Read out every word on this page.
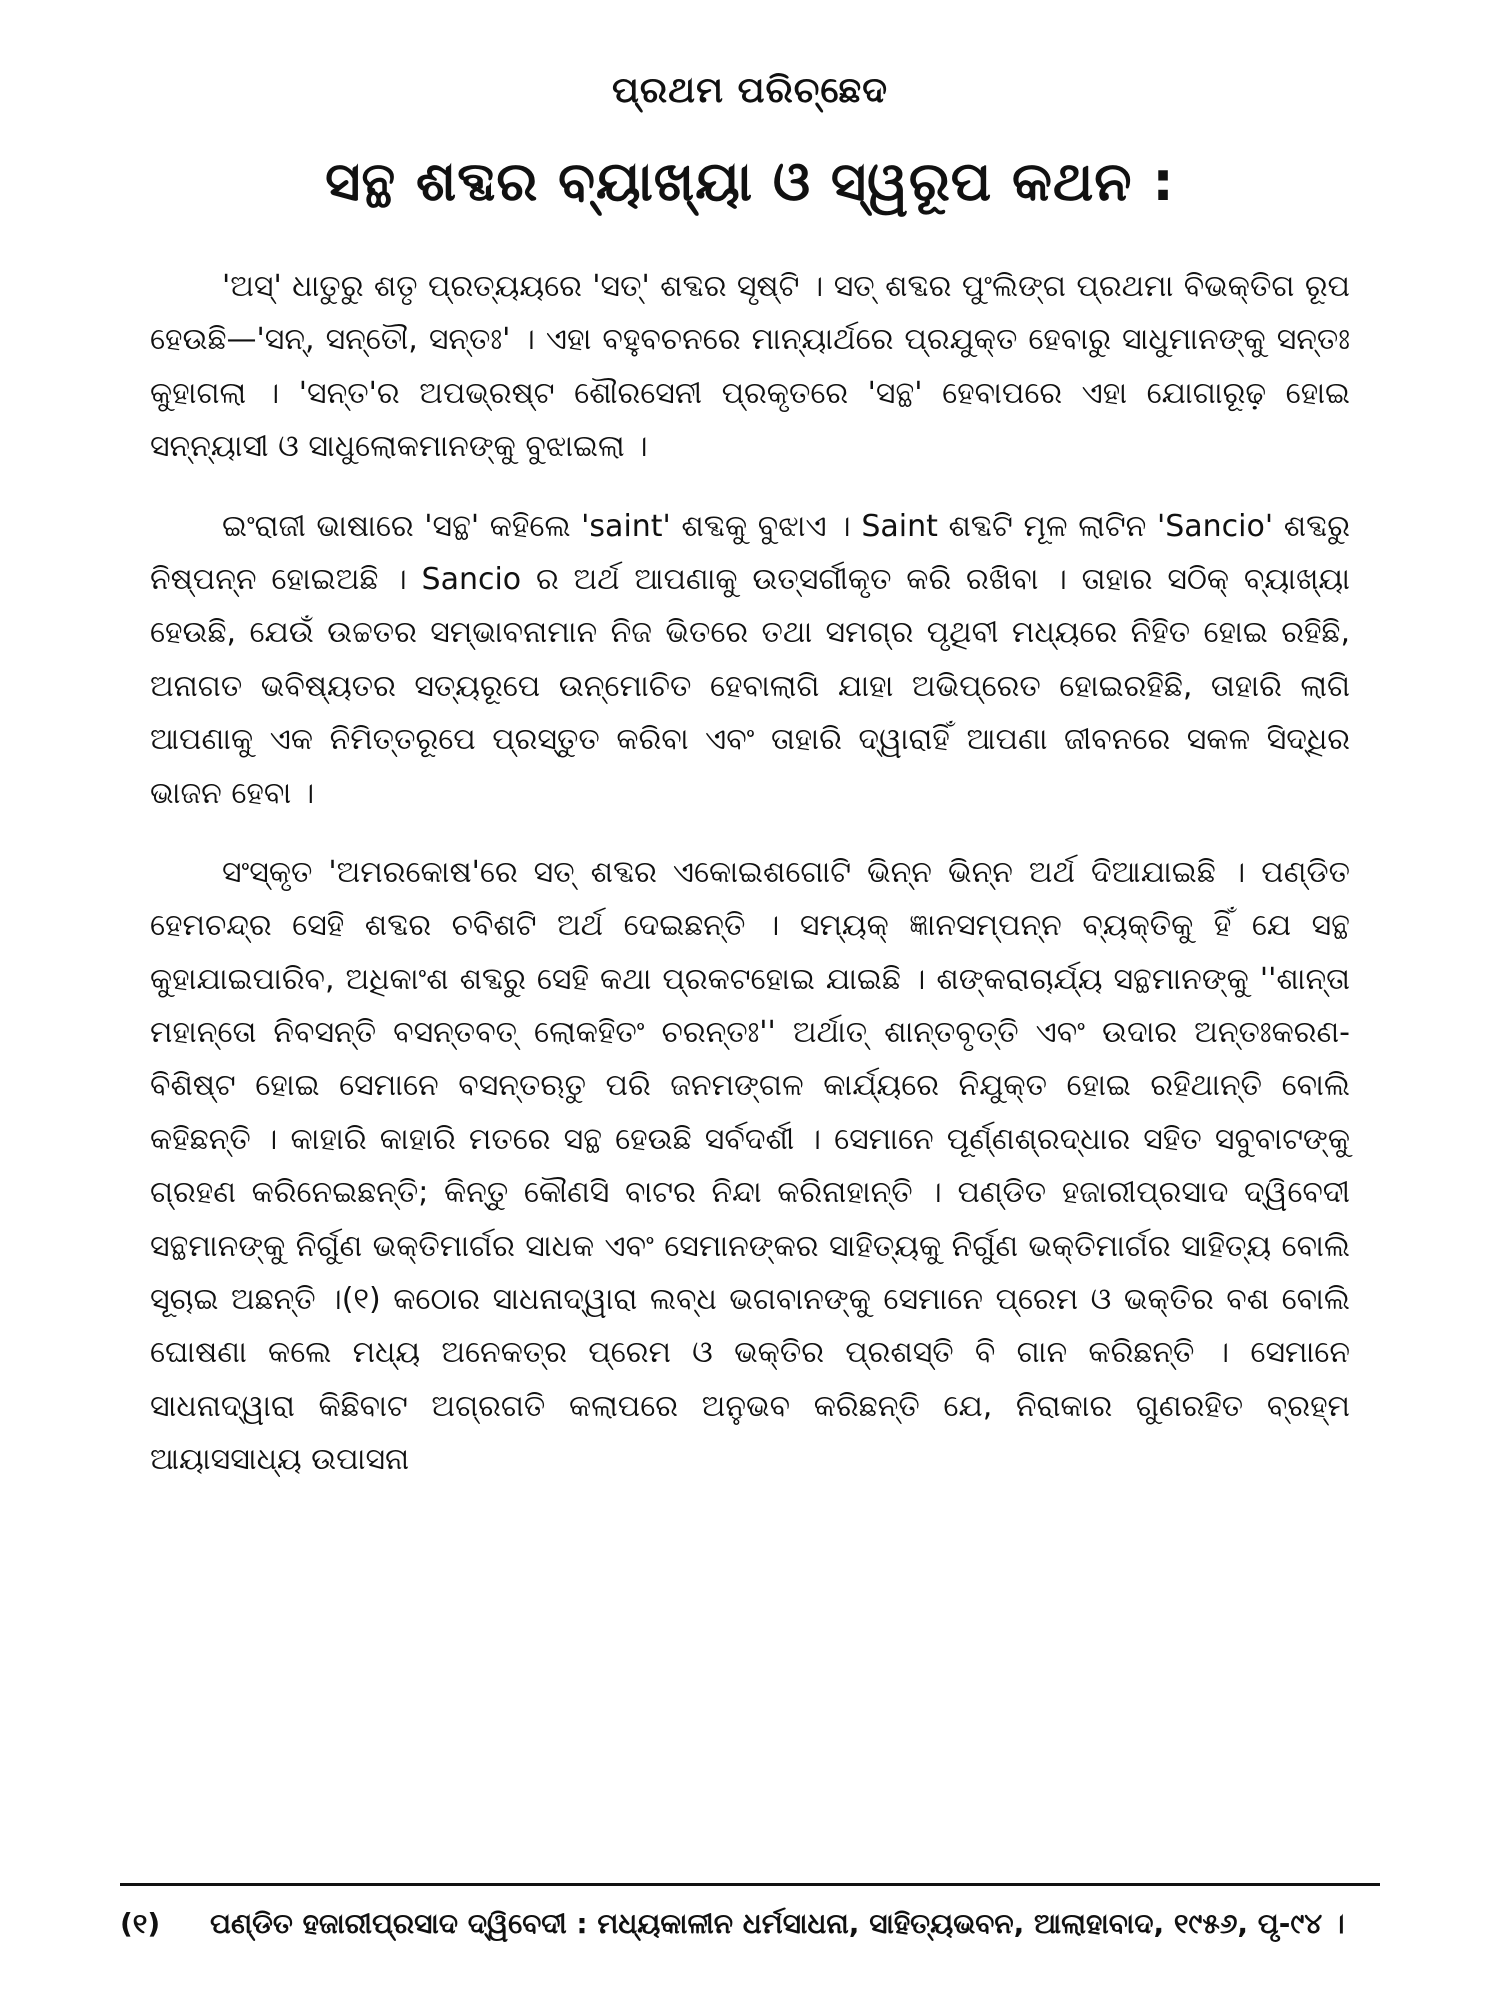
ପ୍ରଥମ ପରିଚ୍ଛେଦ
ସନ୍ଥ ଶବ୍ଦର ବ୍ୟାଖ୍ୟା ଓ ସ୍ୱରୂପ କଥନ :

'ଅସ୍' ଧାତୁରୁ ଶତୃ ପ୍ରତ୍ୟୟରେ 'ସତ୍' ଶବ୍ଦର ସୃଷ୍ଟି । ସତ୍ ଶବ୍ଦର ପୁଂଲିଙ୍ଗ ପ୍ରଥମା ବିଭକ୍ତିଗ ରୂପ ହେଉଛି—'ସନ୍, ସନ୍ତୌ, ସନ୍ତଃ' । ଏହା ବହୁବଚନରେ ମାନ୍ୟାର୍ଥରେ ପ୍ରଯୁକ୍ତ ହେବାରୁ ସାଧୁମାନଙ୍କୁ ସନ୍ତଃ କୁହାଗଲା । 'ସନ୍ତ'ର ଅପଭ୍ରଷ୍ଟ ଶୌରସେନୀ ପ୍ରକୃତରେ 'ସନ୍ଥ' ହେବାପରେ ଏହା ଯୋଗାରୂଢ଼ ହୋଇ ସନ୍ନ୍ୟାସୀ ଓ ସାଧୁଲୋକମାନଙ୍କୁ ବୁଝାଇଲା ।

ଇଂରାଜୀ ଭାଷାରେ 'ସନ୍ଥ' କହିଲେ 'saint' ଶବ୍ଦକୁ ବୁଝାଏ । Saint ଶବ୍ଦଟି ମୂଳ ଲାଟିନ 'Sancio' ଶବ୍ଦରୁ ନିଷ୍ପନ୍ନ ହୋଇଅଛି । Sancio ର ଅର୍ଥ ଆପଣାକୁ ଉତ୍ସର୍ଗୀକୃତ କରି ରଖିବା । ତାହାର ସଠିକ୍ ବ୍ୟାଖ୍ୟା ହେଉଛି, ଯେଉଁ ଉଚ୍ଚତର ସମ୍ଭାବନାମାନ ନିଜ ଭିତରେ ତଥା ସମଗ୍ର ପୃଥିବୀ ମଧ୍ୟରେ ନିହିତ ହୋଇ ରହିଛି, ଅନାଗତ ଭବିଷ୍ୟତର ସତ୍ୟରୂପେ ଉନ୍ମୋଚିତ ହେବାଲାଗି ଯାହା ଅଭିପ୍ରେତ ହୋଇରହିଛି, ତାହାରି ଲାଗି ଆପଣାକୁ ଏକ ନିମିତ୍ତରୂପେ ପ୍ରସ୍ତୁତ କରିବା ଏବଂ ତାହାରି ଦ୍ୱାରାହିଁ ଆପଣା ଜୀବନରେ ସକଳ ସିଦ୍ଧିର ଭାଜନ ହେବା ।

ସଂସ୍କୃତ 'ଅମରକୋଷ'ରେ ସତ୍ ଶବ୍ଦର ଏକୋଇଶଗୋଟି ଭିନ୍ନ ଭିନ୍ନ ଅର୍ଥ ଦିଆଯାଇଛି । ପଣ୍ଡିତ ହେମଚନ୍ଦ୍ର ସେହି ଶବ୍ଦର ଚବିଶଟି ଅର୍ଥ ଦେଇଛନ୍ତି । ସମ୍ୟକ୍ ଜ୍ଞାନସମ୍ପନ୍ନ ବ୍ୟକ୍ତିକୁ ହିଁ ଯେ ସନ୍ଥ କୁହାଯାଇପାରିବ, ଅଧିକାଂଶ ଶବ୍ଦରୁ ସେହି କଥା ପ୍ରକଟହୋଇ ଯାଇଛି । ଶଙ୍କରାଚାର୍ଯ୍ୟ ସନ୍ଥମାନଙ୍କୁ ''ଶାନ୍ତା ମହାନ୍ତୋ ନିବସନ୍ତି ବସନ୍ତବତ୍ ଲୋକହିତଂ ଚରନ୍ତଃ'' ଅର୍ଥାତ୍ ଶାନ୍ତବୃତ୍ତି ଏବଂ ଉଦାର ଅନ୍ତଃକରଣ-ବିଶିଷ୍ଟ ହୋଇ ସେମାନେ ବସନ୍ତଋତୁ ପରି ଜନମଙ୍ଗଳ କାର୍ଯ୍ୟରେ ନିଯୁକ୍ତ ହୋଇ ରହିଥାନ୍ତି ବୋଲି କହିଛନ୍ତି । କାହାରି କାହାରି ମତରେ ସନ୍ଥ ହେଉଛି ସର୍ବଦର୍ଶୀ । ସେମାନେ ପୂର୍ଣ୍ଣଶ୍ରଦ୍ଧାର ସହିତ ସବୁବାଟଙ୍କୁ ଗ୍ରହଣ କରିନେଇଛନ୍ତି; କିନ୍ତୁ କୌଣସି ବାଟର ନିନ୍ଦା କରିନାହାନ୍ତି । ପଣ୍ଡିତ ହଜାରୀପ୍ରସାଦ ଦ୍ୱିବେଦୀ ସନ୍ଥମାନଙ୍କୁ ନିର୍ଗୁଣ ଭକ୍ତିମାର୍ଗର ସାଧକ ଏବଂ ସେମାନଙ୍କର ସାହିତ୍ୟକୁ ନିର୍ଗୁଣ ଭକ୍ତିମାର୍ଗର ସାହିତ୍ୟ ବୋଲି ସୂଚାଇ ଅଛନ୍ତି ।(୧) କଠୋର ସାଧନାଦ୍ୱାରା ଲବ୍ଧ ଭଗବାନଙ୍କୁ ସେମାନେ ପ୍ରେମ ଓ ଭକ୍ତିର ବଶ ବୋଲି ଘୋଷଣା କଲେ ମଧ୍ୟ ଅନେକତ୍ର ପ୍ରେମ ଓ ଭକ୍ତିର ପ୍ରଶସ୍ତି ବି ଗାନ କରିଛନ୍ତି । ସେମାନେ ସାଧନାଦ୍ୱାରା କିଛିବାଟ ଅଗ୍ରଗତି କଲାପରେ ଅନୁଭବ କରିଛନ୍ତି ଯେ, ନିରାକାର ଗୁଣରହିତ ବ୍ରହ୍ମ ଆୟାସସାଧ୍ୟ ଉପାସନା

(୧)	ପଣ୍ଡିତ ହଜାରୀପ୍ରସାଦ ଦ୍ୱିବେଦୀ : ମଧ୍ୟକାଳୀନ ଧର୍ମସାଧନା, ସାହିତ୍ୟଭବନ, ଆଲାହାବାଦ, ୧୯୫୬, ପୃ-୯୪ ।
